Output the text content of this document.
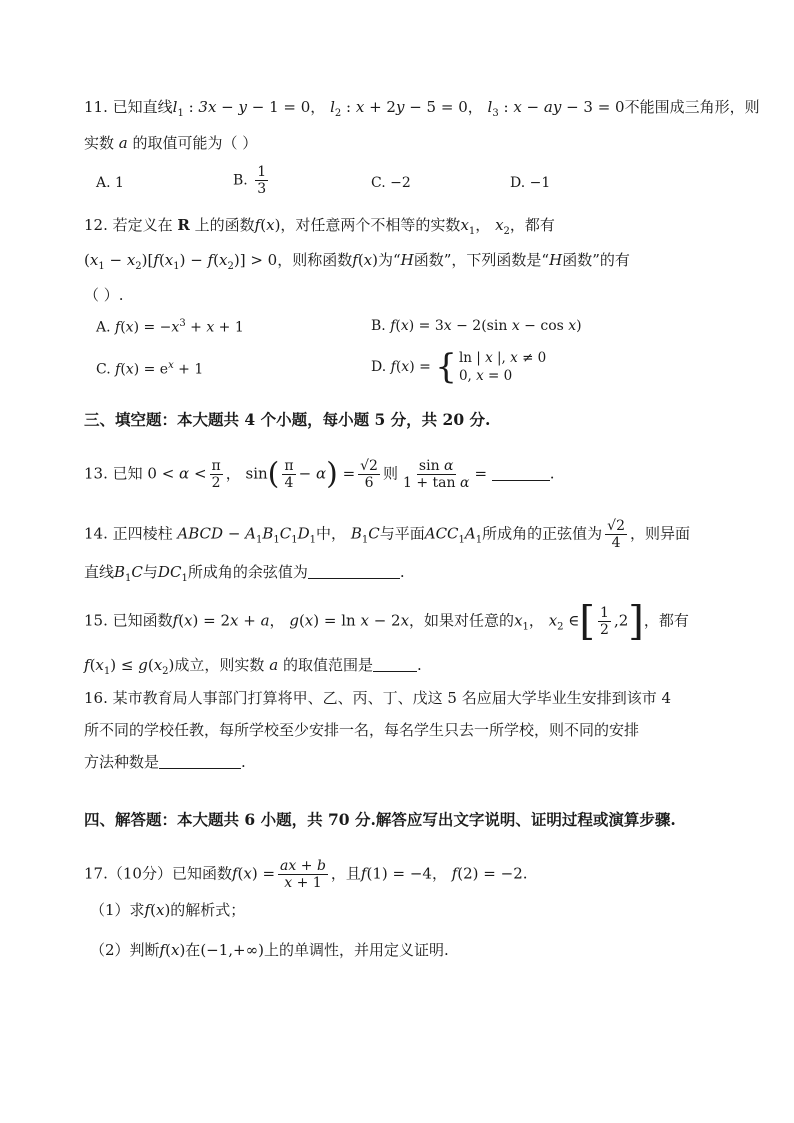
11. 已知直线$l_1$ : 3x − y − 1 = 0， $l_2$ : x + 2y − 5 = 0， $l_3$ : x − ay − 3 = 0不能围成三角形，则
实数 a 的取值可能为（ ）
A. 1	B. $\frac{1}{3}$	C. −2	D. −1
12. 若定义在 R 上的函数f(x)，对任意两个不相等的实数$x_1$， $x_2$，都有
$(x_1 - x_2)[f(x_1) - f(x_2)] > 0$，则称函数f(x)为“H函数”，下列函数是“H函数”的有
（ ）.
A. $f(x) = -x^3 + x + 1$	B. f(x) = 3x − 2(sin x − cos x)
C. $f(x) = e^x + 1$	D. f(x) = { ln | x |, x ≠ 0
0, x = 0
三、填空题：本大题共 4 个小题，每小题 5 分，共 20 分.
13. 已知 $0 < \alpha < \frac{\pi}{2}$ ， $\sin( \frac{\pi}{4} - \alpha) = \frac{√2}{6}$ 则 $\frac{\text{sin α}}{\text{1 + tan α}}$ =	.
14. 正四棱柱 ABCD − $A_1B_1C_1D_1$中， $B_1C$与平面$ACC_1A_1$所成角的正弦值为 $\frac{√2}{4}$ ，则异面
直线$B_1C$与$DC_1$所成角的余弦值为	.
15. 已知函数f(x) = 2x + a， g(x) = ln x − 2x，如果对任意的$x_1$， $x_2$ ∈[ $\frac{1}{2} ,2$]，都有
$f(x_1) \le g(x_2)$成立，则实数 a 的取值范围是	.
16. 某市教育局人事部门打算将甲、乙、丙、丁、戊这 5 名应届大学毕业生安排到该市 4
所不同的学校任教，每所学校至少安排一名，每名学生只去一所学校，则不同的安排
方法种数是	.
四、解答题：本大题共 6 小题，共 70 分.解答应写出文字说明、证明过程或演算步骤.
17.（10分）已知函数$f(x) = \frac{ax + b}{x + 1}$ ，且f(1) = −4， f(2) = −2.
（1）求f(x)的解析式；
（2）判断f(x)在(−1,+∞)上的单调性，并用定义证明.
